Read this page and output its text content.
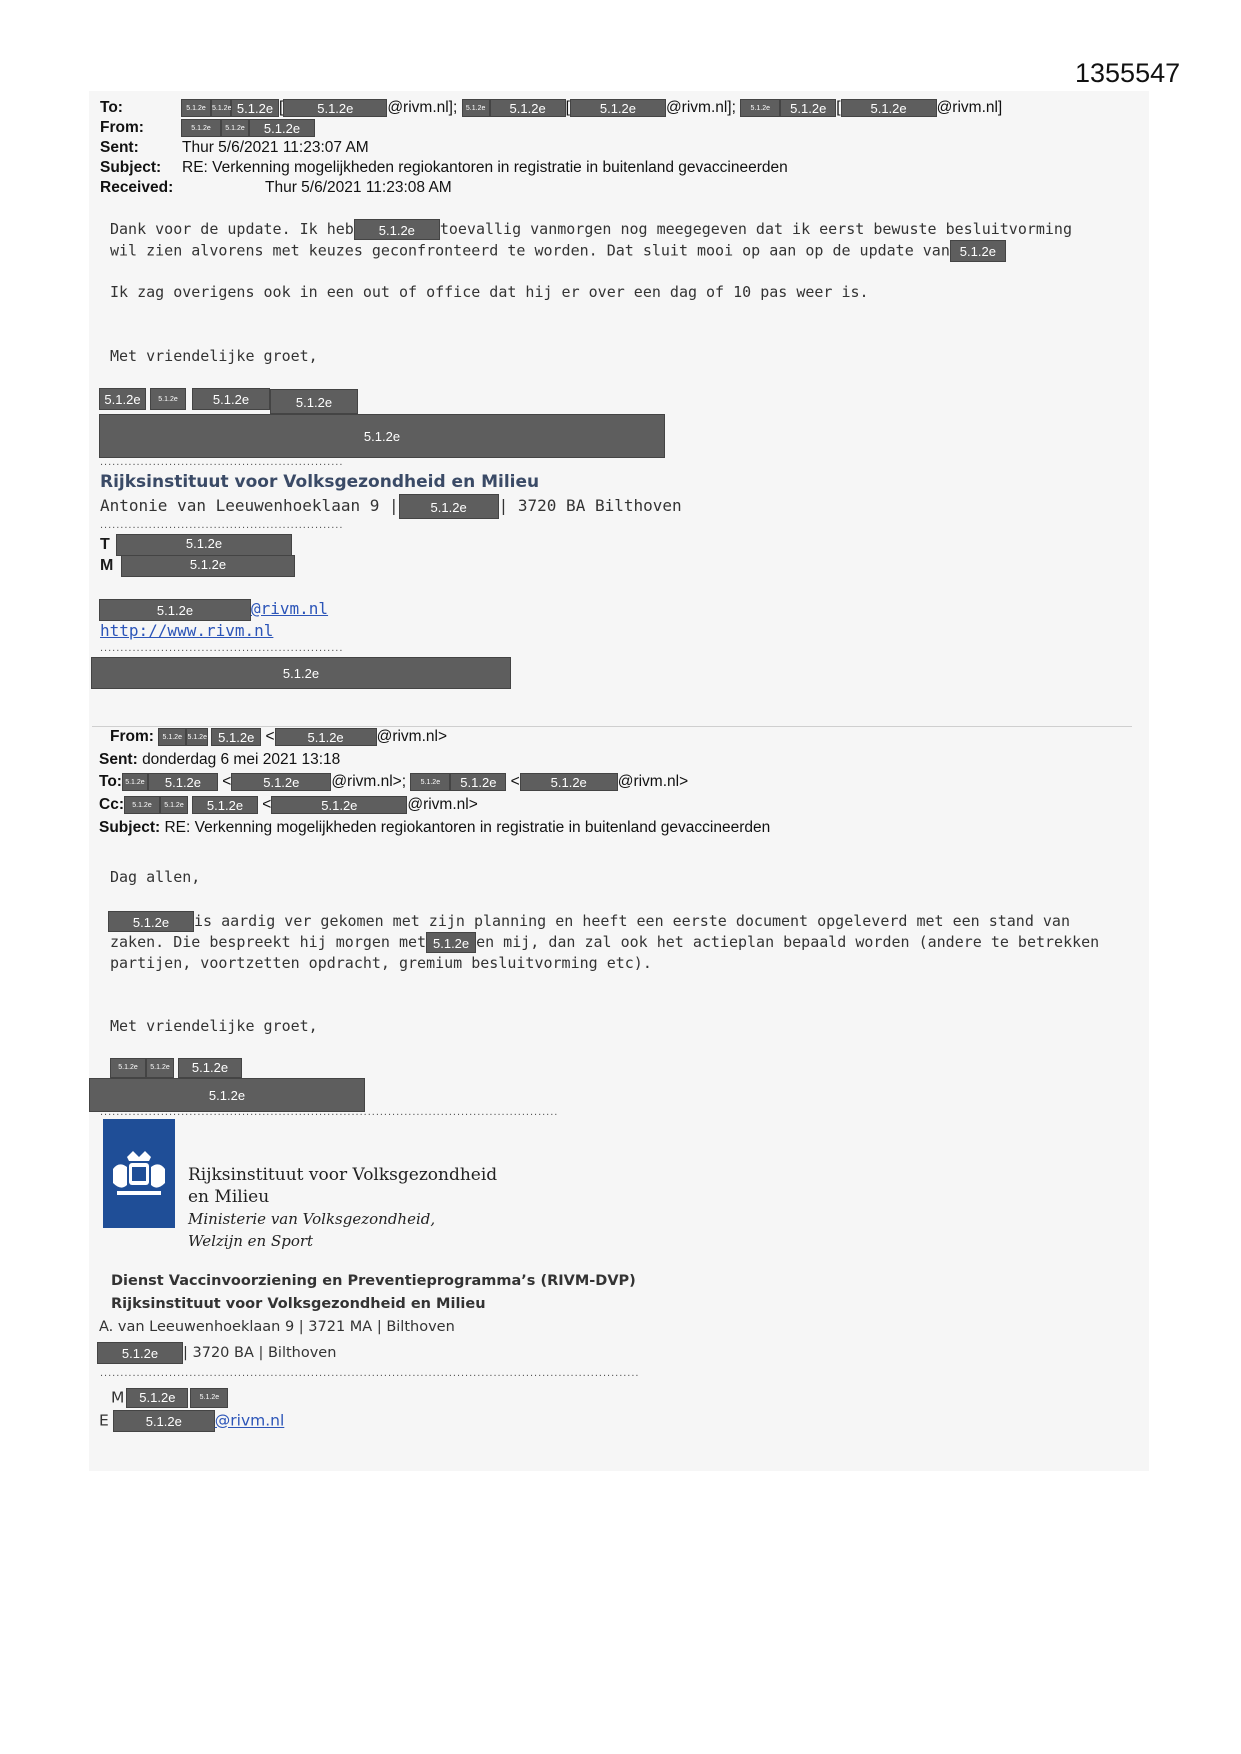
1355547
To:	5.1.2e 5.1.2e 5.1.2e [	5.1.2e @rivm.nl]; 5.1.2e 5.1.2e [ 5.1.2e @rivm.nl]; 5.1.2e 5.1.2e [ 5.1.2e @rivm.nl]
From:	5.1.2e 5.1.2e 5.1.2e
Sent:	Thur 5/6/2021 11:23:07 AM
Subject: RE: Verkenning mogelijkheden regiokantoren in registratie in buitenland gevaccineerden
Received:	Thur 5/6/2021 11:23:08 AM
Dank voor de update. Ik heb 5.1.2e toevallig vanmorgen nog meegegeven dat ik eerst bewuste besluitvorming
wil zien alvorens met keuzes geconfronteerd te worden. Dat sluit mooi op aan op de update van 5.1.2e
Ik zag overigens ook in een out of office dat hij er over een dag of 10 pas weer is.
Met vriendelijke groet,
5.1.2e	5.1.2e	5.1.2e	5.1.2e
5.1.2e
............................................................
Rijksinstituut voor Volksgezondheid en Milieu
Antonie van Leeuwenhoeklaan 9 | 5.1.2e | 3720 BA Bilthoven
............................................................
T	5.1.2e
M	5.1.2e
5.1.2e	@rivm.nl
http://www.rivm.nl
............................................................
5.1.2e
From: 5.1.2e 5.1.2e 5.1.2e <	5.1.2e @rivm.nl>
Sent: donderdag 6 mei 2021 13:18
To: 5.1.2e 5.1.2e < 5.1.2e @rivm.nl>; 5.1.2e 5.1.2e < 5.1.2e @rivm.nl>
Cc: 5.1.2e 5.1.2e 5.1.2e <	5.1.2e	@rivm.nl>
Subject: RE: Verkenning mogelijkheden regiokantoren in registratie in buitenland gevaccineerden
Dag allen,
5.1.2e is aardig ver gekomen met zijn planning en heeft een eerste document opgeleverd met een stand van
zaken. Die bespreekt hij morgen met 5.1.2e en mij, dan zal ook het actieplan bepaald worden (andere te betrekken
partijen, voortzetten opdracht, gremium besluitvorming etc).
Met vriendelijke groet,
5.1.2e 5.1.2e 5.1.2e
5.1.2e
.................................................................................................................
Rijksinstituut voor Volksgezondheid
en Milieu
Ministerie van Volksgezondheid,
Welzijn en Sport
Dienst Vaccinvoorziening en Preventieprogramma’s (RIVM-DVP)
Rijksinstituut voor Volksgezondheid en Milieu
A. van Leeuwenhoeklaan 9 | 3721 MA | Bilthoven
5.1.2e | 3720 BA | Bilthoven
.....................................................................................................................................
M 5.1.2e	5.1.2e
E	5.1.2e @rivm.nl
